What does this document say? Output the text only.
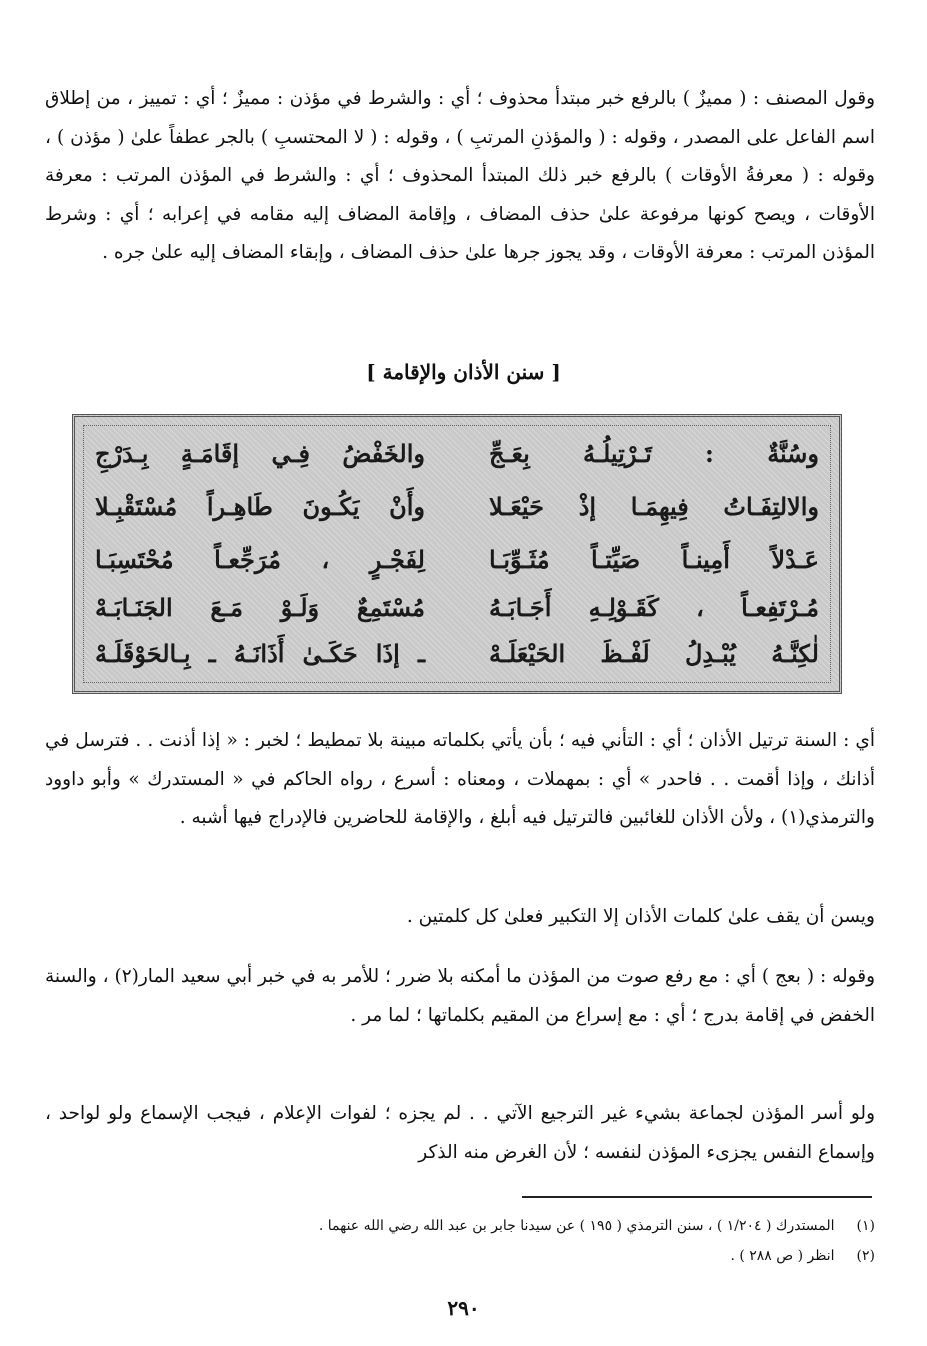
وقول المصنف : ( مميزٌ ) بالرفع خبر مبتدأ محذوف ؛ أي : والشرط في مؤذن : مميزٌ ؛ أي : تمييز ، من إطلاق اسم الفاعل على المصدر ، وقوله : ( والمؤذنِ المرتبِ ) ، وقوله : ( لا المحتسبِ ) بالجر عطفاً علىٰ ( مؤذن ) ، وقوله : ( معرفةُ الأوقات ) بالرفع خبر ذلك المبتدأ المحذوف ؛ أي : والشرط في المؤذن المرتب : معرفة الأوقات ، ويصح كونها مرفوعة علىٰ حذف المضاف ، وإقامة المضاف إليه مقامه في إعرابه ؛ أي : وشرط المؤذن المرتب : معرفة الأوقات ، وقد يجوز جرها علىٰ حذف المضاف ، وإبقاء المضاف إليه علىٰ جره .

[ سنن الأذان والإقامة ]
وسُنَّةٌ : تَـرْتِيلُـهُ بِعَـجِّ
والخَفْضُ فِـي إقَامَـةٍ بِـدَرْجِ
والالتِفَـاتُ فِيهِمَـا إذْ حَيْعَـلا
وأَنْ يَكُـونَ طَاهِـراً مُسْتَقْبِـلا
عَـدْلاً أَمِينـاً صَيِّتـاً مُثَـوِّبَـا
لِفَجْـرٍ ، مُرَجِّعـاً مُحْتَسِبَـا
مُـرْتَفِعـاً ، كَقَـوْلِـهِ أَجَـابَـهُ
مُسْتَمِعٌ وَلَـوْ مَـعَ الجَنَـابَـهْ
لٰكِنَّـهُ يُبْـدِلُ لَفْـظَ الحَيْعَلَـهْ
ـ إذَا حَكَـىٰ أَذَانَـهُ ـ بِـالحَوْقَلَـهْ

أي : السنة ترتيل الأذان ؛ أي : التأني فيه ؛ بأن يأتي بكلماته مبينة بلا تمطيط ؛ لخبر : « إذا أذنت . . فترسل في أذانك ، وإذا أقمت . . فاحدر » أي : بمهملات ، ومعناه : أسرع ، رواه الحاكم في « المستدرك » وأبو داوود والترمذي(١) ، ولأن الأذان للغائبين فالترتيل فيه أبلغ ، والإقامة للحاضرين فالإدراج فيها أشبه .

ويسن أن يقف علىٰ كلمات الأذان إلا التكبير فعلىٰ كل كلمتين .

وقوله : ( بعج ) أي : مع رفع صوت من المؤذن ما أمكنه بلا ضرر ؛ للأمر به في خبر أبي سعيد المار(٢) ، والسنة الخفض في إقامة بدرج ؛ أي : مع إسراع من المقيم بكلماتها ؛ لما مر .

ولو أسر المؤذن لجماعة بشيء غير الترجيع الآتي . . لم يجزه ؛ لفوات الإعلام ، فيجب الإسماع ولو لواحد ، وإسماع النفس يجزىء المؤذن لنفسه ؛ لأن الغرض منه الذكر

(١) المستدرك ( ١/٢٠٤ ) ، سنن الترمذي ( ١٩٥ ) عن سيدنا جابر بن عبد الله رضي الله عنهما .
(٢) انظر ( ص ٢٨٨ ) .
٢٩٠
